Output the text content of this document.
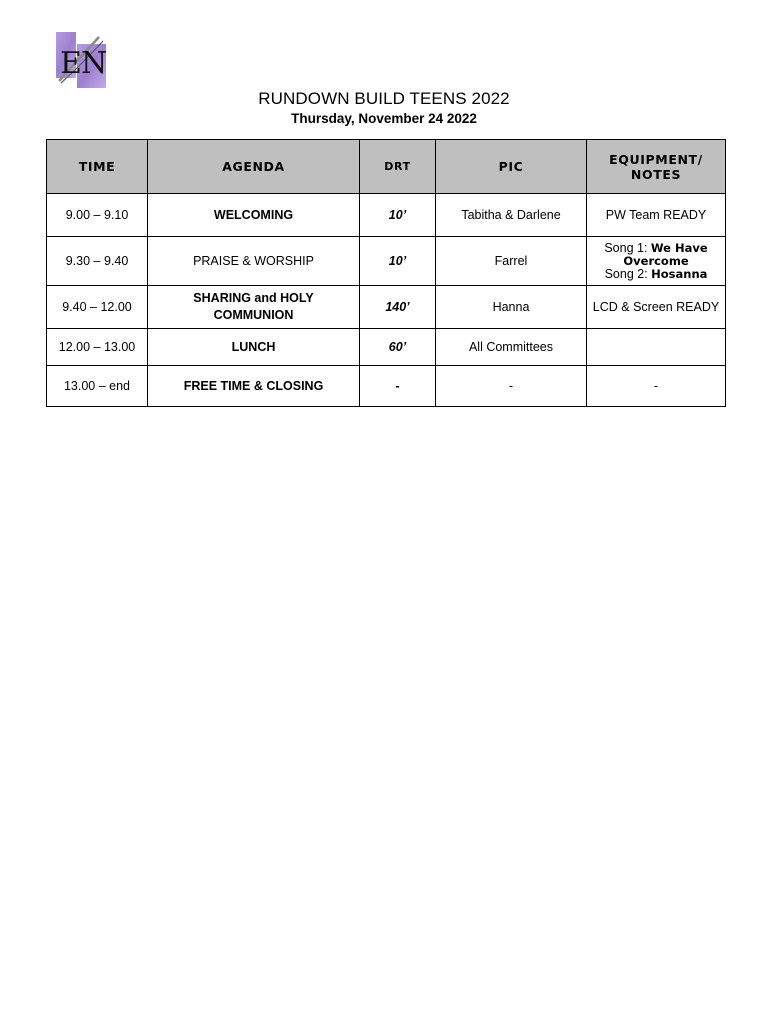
E N

RUNDOWN BUILD TEENS 2022

Thursday, November 24 2022

TIME	AGENDA	DRT	PIC	EQUIPMENT/ NOTES
9.00 – 9.10	WELCOMING	10’	Tabitha & Darlene	PW Team READY
9.30 – 9.40	PRAISE & WORSHIP	10’	Farrel	Song 1: We Have Overcome
Song 2: Hosanna
9.40 – 12.00	SHARING and HOLY COMMUNION	140’	Hanna	LCD & Screen READY
12.00 – 13.00	LUNCH	60’	All Committees	
13.00 – end	FREE TIME & CLOSING	-	-	-
